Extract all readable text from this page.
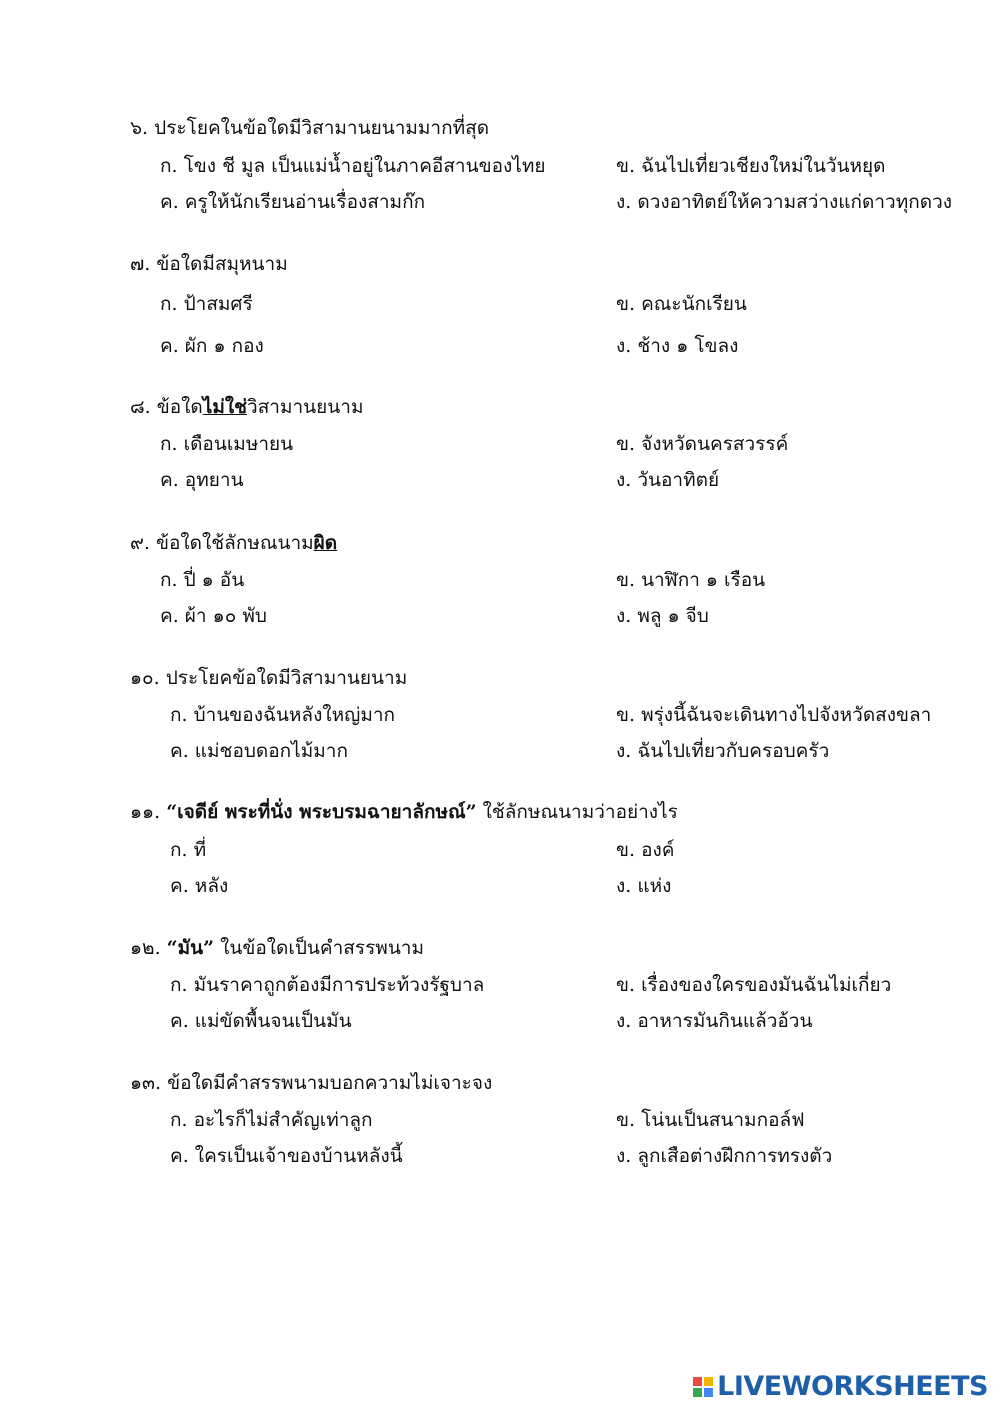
๖. ประโยคในข้อใดมีวิสามานยนามมากที่สุด
ก. โขง ชี มูล เป็นแม่น้ำอยู่ในภาคอีสานของไทย	ข. ฉันไปเที่ยวเชียงใหม่ในวันหยุด
ค. ครูให้นักเรียนอ่านเรื่องสามก๊ก	ง. ดวงอาทิตย์ให้ความสว่างแก่ดาวทุกดวง
๗. ข้อใดมีสมุหนาม
ก. ป้าสมศรี	ข. คณะนักเรียน
ค. ผัก ๑ กอง	ง. ช้าง ๑ โขลง
๘. ข้อใดไม่ใช่วิสามานยนาม
ก. เดือนเมษายน	ข. จังหวัดนครสวรรค์
ค. อุทยาน	ง. วันอาทิตย์
๙. ข้อใดใช้ลักษณนามผิด
ก. ปี่ ๑ อัน	ข. นาฬิกา ๑ เรือน
ค. ผ้า ๑๐ พับ	ง. พลู ๑ จีบ
๑๐. ประโยคข้อใดมีวิสามานยนาม
ก. บ้านของฉันหลังใหญ่มาก	ข. พรุ่งนี้ฉันจะเดินทางไปจังหวัดสงขลา
ค. แม่ชอบดอกไม้มาก	ง. ฉันไปเที่ยวกับครอบครัว
๑๑. “เจดีย์ พระที่นั่ง พระบรมฉายาลักษณ์” ใช้ลักษณนามว่าอย่างไร
ก. ที่	ข. องค์
ค. หลัง	ง. แห่ง
๑๒. “มัน” ในข้อใดเป็นคำสรรพนาม
ก. มันราคาถูกต้องมีการประท้วงรัฐบาล	ข. เรื่องของใครของมันฉันไม่เกี่ยว
ค. แม่ขัดพื้นจนเป็นมัน	ง. อาหารมันกินแล้วอ้วน
๑๓. ข้อใดมีคำสรรพนามบอกความไม่เจาะจง
ก. อะไรก็ไม่สำคัญเท่าลูก	ข. โน่นเป็นสนามกอล์ฟ
ค. ใครเป็นเจ้าของบ้านหลังนี้	ง. ลูกเสือต่างฝึกการทรงตัว
LIVEWORKSHEETS
